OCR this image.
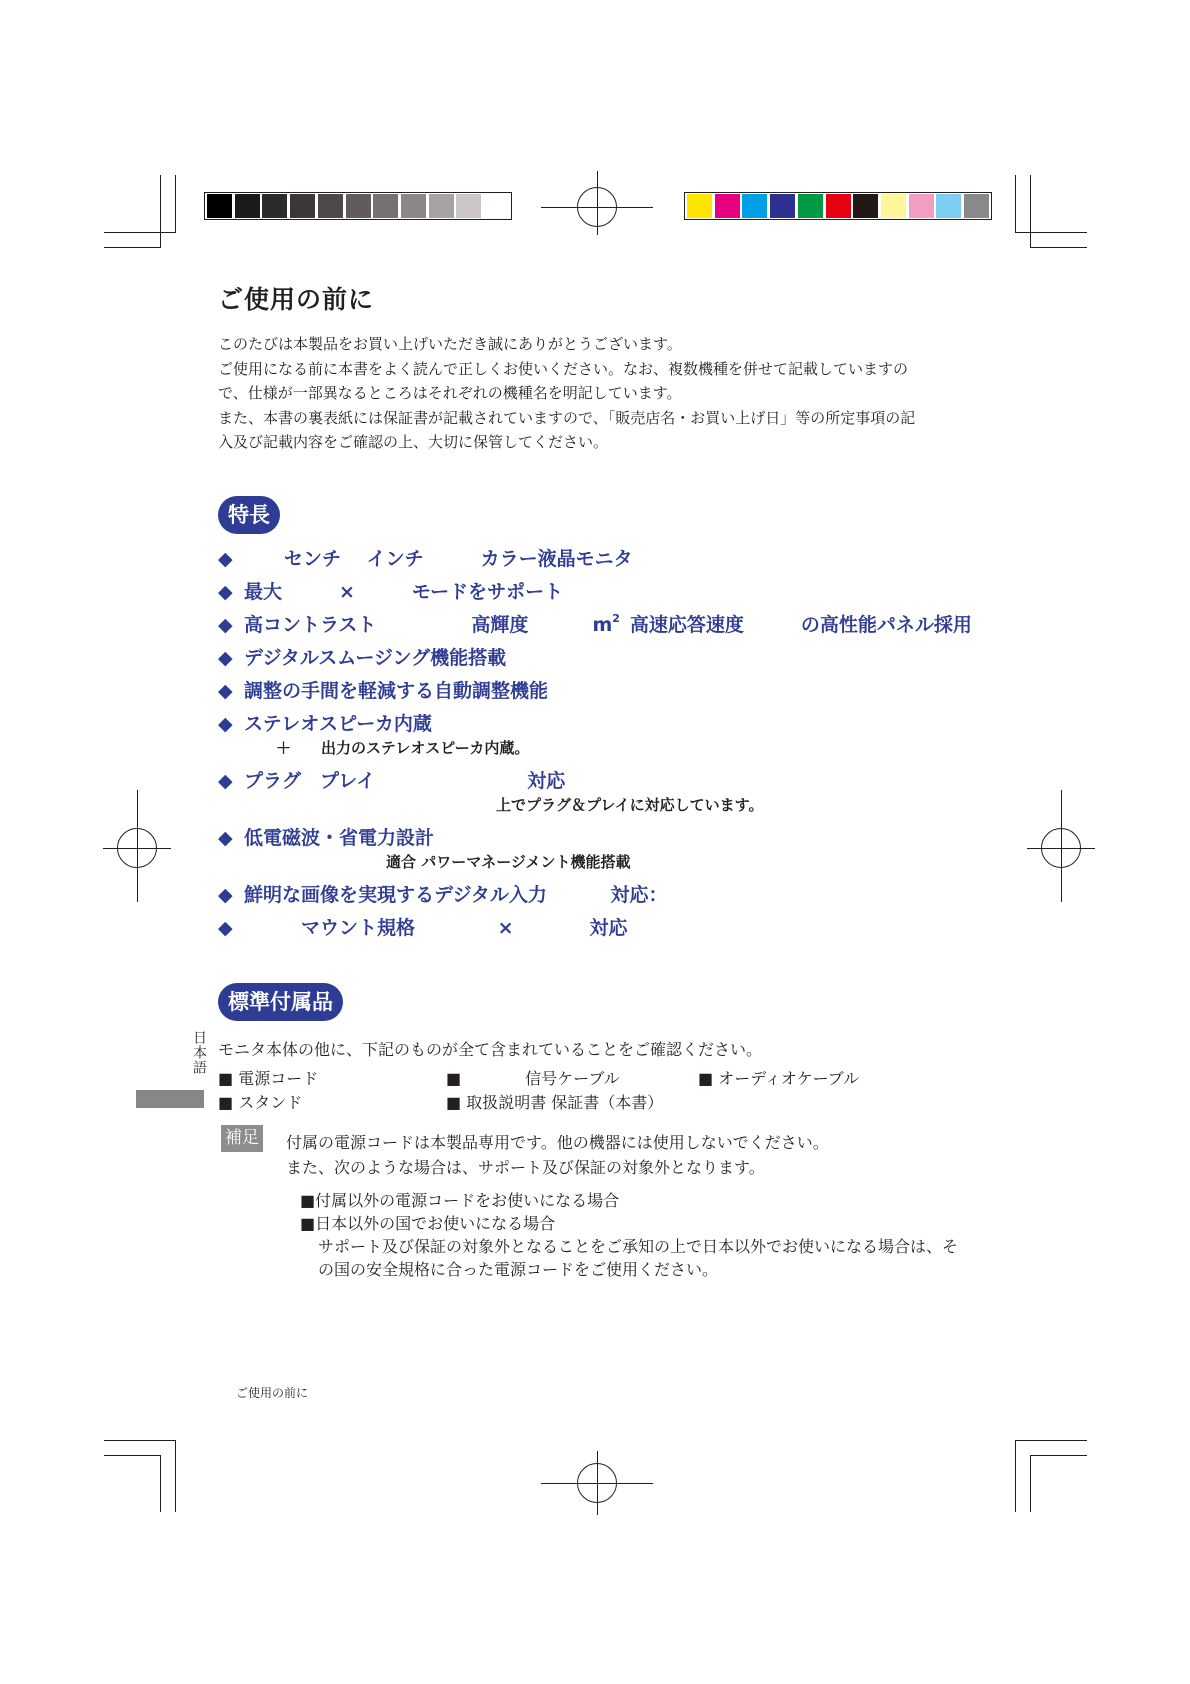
ご使用の前に

このたびは本製品をお買い上げいただき誠にありがとうございます。

ご使用になる前に本書をよく読んで正しくお使いください。なお、複数機種を併せて記載していますの

で、仕様が一部異なるところはそれぞれの機種名を明記しています。

また、本書の裏表紙には保証書が記載されていますので、「販売店名・お買い上げ日」等の所定事項の記

入及び記載内容をご確認の上、大切に保管してください。

特長
◆	センチ　 インチ　　　カラー液晶モニタ
◆ 最大　　　×　　　モードをサポート
◆ 高コントラスト　　　　　高輝度	$m^2$ 高速応答速度　　　の高性能パネル採用
◆ デジタルスムージング機能搭載
◆ 調整の手間を軽減する自動調整機能
◆ ステレオスピーカ内蔵
＋　　出力のステレオスピーカ内蔵。
◆ プラグ　プレイ　　　　　　　　対応
上でプラグ＆プレイに対応しています。
◆ 低電磁波・省電力設計
適合 パワーマネージメント機能搭載
◆ 鮮明な画像を実現するデジタル入力　　　 対応：
◆　　　マウント規格　　　　 ×　　　　対応
標準付属品
日本語 モニタ本体の他に、下記のものが全て含まれていることをご確認ください。
■ 電源コード	■　　　　信号ケーブル	■ オーディオケーブル
■ スタンド	■ 取扱説明書 保証書（本書）
補足 付属の電源コードは本製品専用です。他の機器には使用しないでください。
また、次のような場合は、サポート及び保証の対象外となります。
■付属以外の電源コードをお使いになる場合
■日本以外の国でお使いになる場合
サポート及び保証の対象外となることをご承知の上で日本以外でお使いになる場合は、そ
の国の安全規格に合った電源コードをご使用ください。
ご使用の前に
